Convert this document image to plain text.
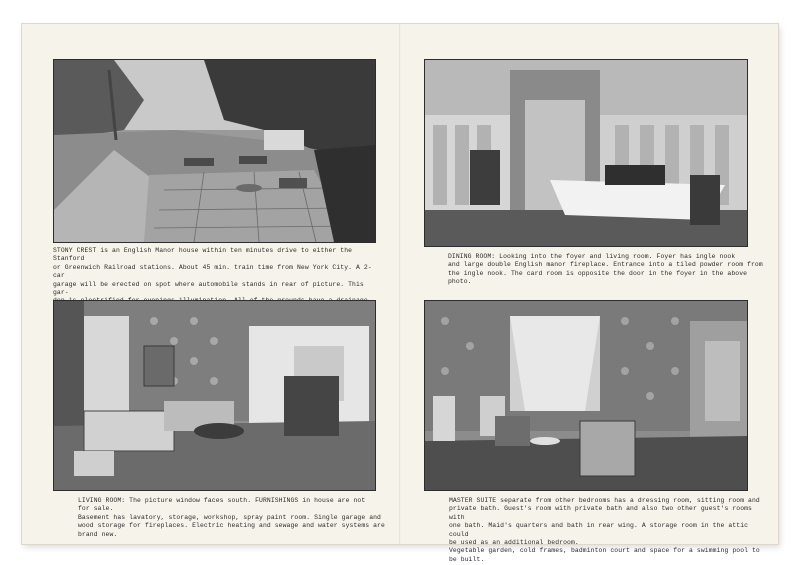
STONY CREST is an English Manor house within ten minutes drive to either the Stanford
or Greenwich Railroad stations. About 45 min. train time from New York City. A 2-car
garage will be erected on spot where automobile stands in rear of picture. This gar-

DINING ROOM: Looking into the foyer and living room. Foyer has ingle nook
and large double English manor fireplace. Entrance into a tiled powder room from
the ingle nook. The card room is opposite the door in the foyer in the above photo.

LIVING ROOM: The picture window faces south. FURNISHINGS in house are not
for sale.
Basement has lavatory, storage, workshop, spray paint room. Single garage and
wood storage for fireplaces. Electric heating and sewage and water systems are
brand new.

MASTER SUITE separate from other bedrooms has a dressing room, sitting room and
private bath. Guest's room with private bath and also two other guest's rooms with
one bath. Maid's quarters and bath in rear wing. A storage room in the attic could
be used as an additional bedroom.
Vegetable garden, cold frames, badminton court and space for a swimming pool to
be built.
